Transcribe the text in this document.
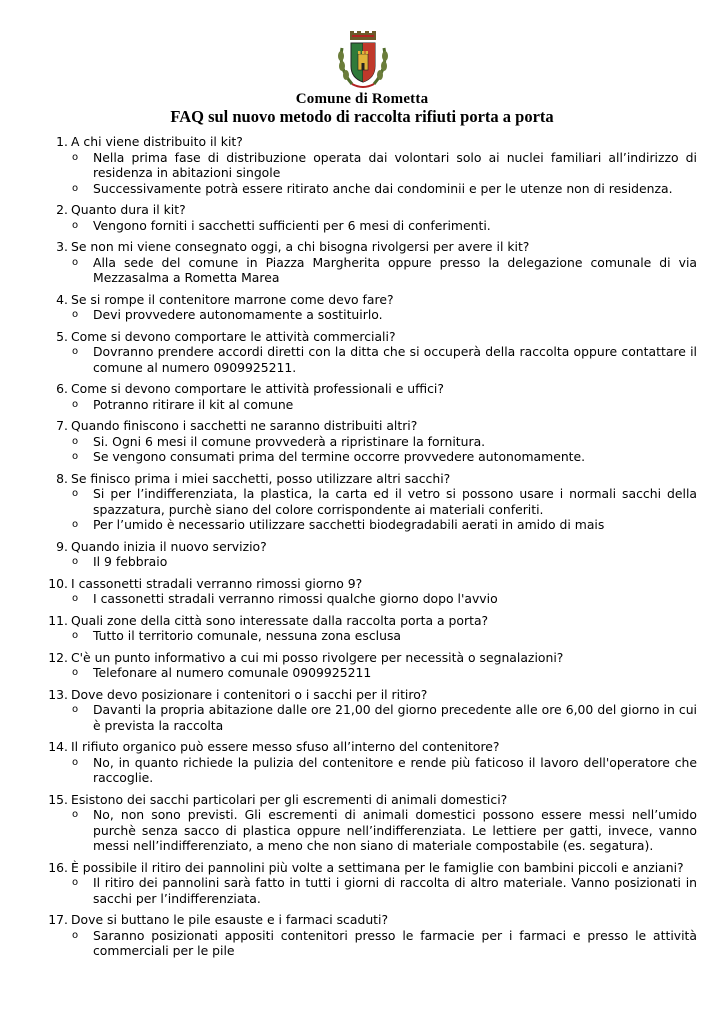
Comune di Rometta
FAQ sul nuovo metodo di raccolta rifiuti porta a porta
1. A chi viene distribuito il kit?
o Nella prima fase di distribuzione operata dai volontari solo ai nuclei familiari all’indirizzo di residenza in abitazioni singole
o Successivamente potrà essere ritirato anche dai condominii e per le utenze non di residenza.
2. Quanto dura il kit?
o Vengono forniti i sacchetti sufficienti per 6 mesi di conferimenti.
3. Se non mi viene consegnato oggi, a chi bisogna rivolgersi per avere il kit?
o Alla sede del comune in Piazza Margherita oppure presso la delegazione comunale di via Mezzasalma a Rometta Marea
4. Se si rompe il contenitore marrone come devo fare?
o Devi provvedere autonomamente a sostituirlo.
5. Come si devono comportare le attività commerciali?
o Dovranno prendere accordi diretti con la ditta che si occuperà della raccolta oppure contattare il comune al numero 0909925211.
6. Come si devono comportare le attività professionali e uffici?
o Potranno ritirare il kit al comune
7. Quando finiscono i sacchetti ne saranno distribuiti altri?
o Si. Ogni 6 mesi il comune provvederà a ripristinare la fornitura.
o Se vengono consumati prima del termine occorre provvedere autonomamente.
8. Se finisco prima i miei sacchetti, posso utilizzare altri sacchi?
o Si per l’indifferenziata, la plastica, la carta ed il vetro si possono usare i normali sacchi della spazzatura, purchè siano del colore corrispondente ai materiali conferiti.
o Per l’umido è necessario utilizzare sacchetti biodegradabili aerati in amido di mais
9. Quando inizia il nuovo servizio?
o Il 9 febbraio
10. I cassonetti stradali verranno rimossi giorno 9?
o I cassonetti stradali verranno rimossi qualche giorno dopo l'avvio
11. Quali zone della città sono interessate dalla raccolta porta a porta?
o Tutto il territorio comunale, nessuna zona esclusa
12. C'è un punto informativo a cui mi posso rivolgere per necessità o segnalazioni?
o Telefonare al numero comunale 0909925211
13. Dove devo posizionare i contenitori o i sacchi per il ritiro?
o Davanti la propria abitazione dalle ore 21,00 del giorno precedente alle ore 6,00 del giorno in cui è prevista la raccolta
14. Il rifiuto organico può essere messo sfuso all’interno del contenitore?
o No, in quanto richiede la pulizia del contenitore e rende più faticoso il lavoro dell'operatore che raccoglie.
15. Esistono dei sacchi particolari per gli escrementi di animali domestici?
o No, non sono previsti. Gli escrementi di animali domestici possono essere messi nell’umido purchè senza sacco di plastica oppure nell’indifferenziata. Le lettiere per gatti, invece, vanno messi nell’indifferenziato, a meno che non siano di materiale compostabile (es. segatura).
16. È possibile il ritiro dei pannolini più volte a settimana per le famiglie con bambini piccoli e anziani?
o Il ritiro dei pannolini sarà fatto in tutti i giorni di raccolta di altro materiale. Vanno posizionati in sacchi per l’indifferenziata.
17. Dove si buttano le pile esauste e i farmaci scaduti?
o Saranno posizionati appositi contenitori presso le farmacie per i farmaci e presso le attività commerciali per le pile
